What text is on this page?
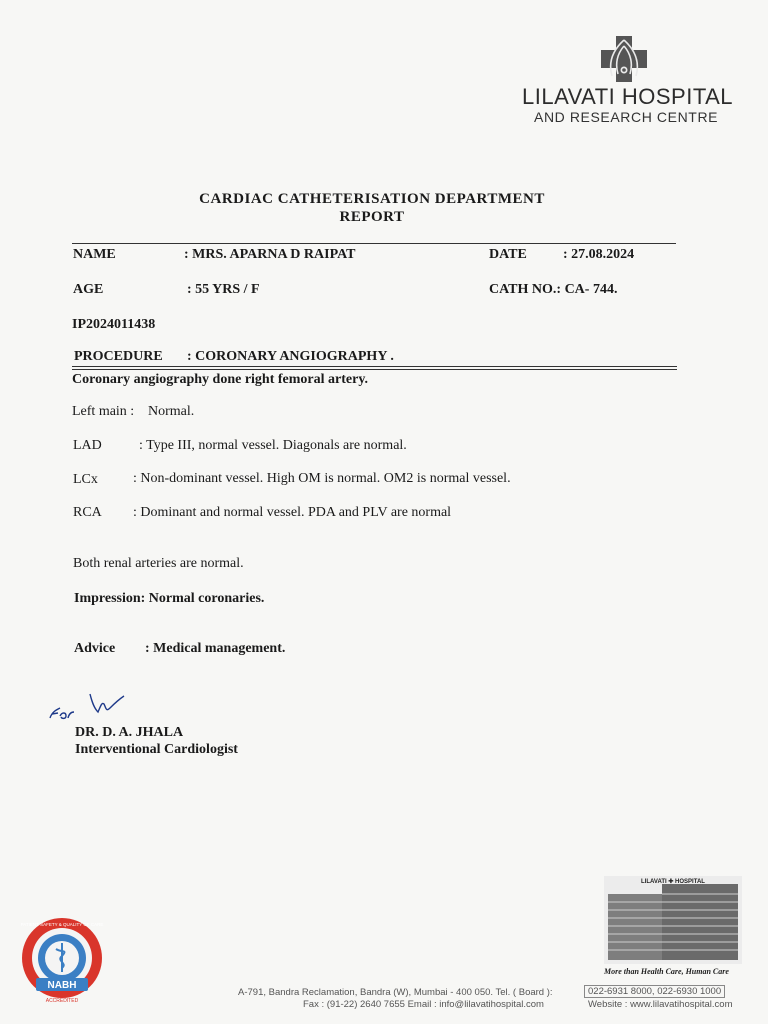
LILAVATI HOSPITAL
AND RESEARCH CENTRE
CARDIAC CATHETERISATION DEPARTMENT
REPORT
NAME	: MRS. APARNA D RAIPAT	DATE	: 27.08.2024
AGE	: 55 YRS / F	CATH NO.: CA- 744.
IP2024011438
PROCEDURE : CORONARY ANGIOGRAPHY .
Coronary angiography done right femoral artery.
Left main : Normal.
LAD	: Type III, normal vessel. Diagonals are normal.
LCx	: Non-dominant vessel. High OM is normal. OM2 is normal vessel.
RCA : Dominant and normal vessel. PDA and PLV are normal
Both renal arteries are normal.
Impression: Normal coronaries.
Advice : Medical management.
DR. D. A. JHALA
Interventional Cardiologist
NABH
ACCREDITED
PATIENT SAFETY & QUALITY OF CARE
LILAVATI ✚ HOSPITAL
More than Health Care, Human Care
A-791, Bandra Reclamation, Bandra (W), Mumbai - 400 050. Tel. ( Board ):	022-6931 8000, 022-6930 1000
Fax : (91-22) 2640 7655 Email : info@lilavatihospital.com	Website : www.lilavatihospital.com
